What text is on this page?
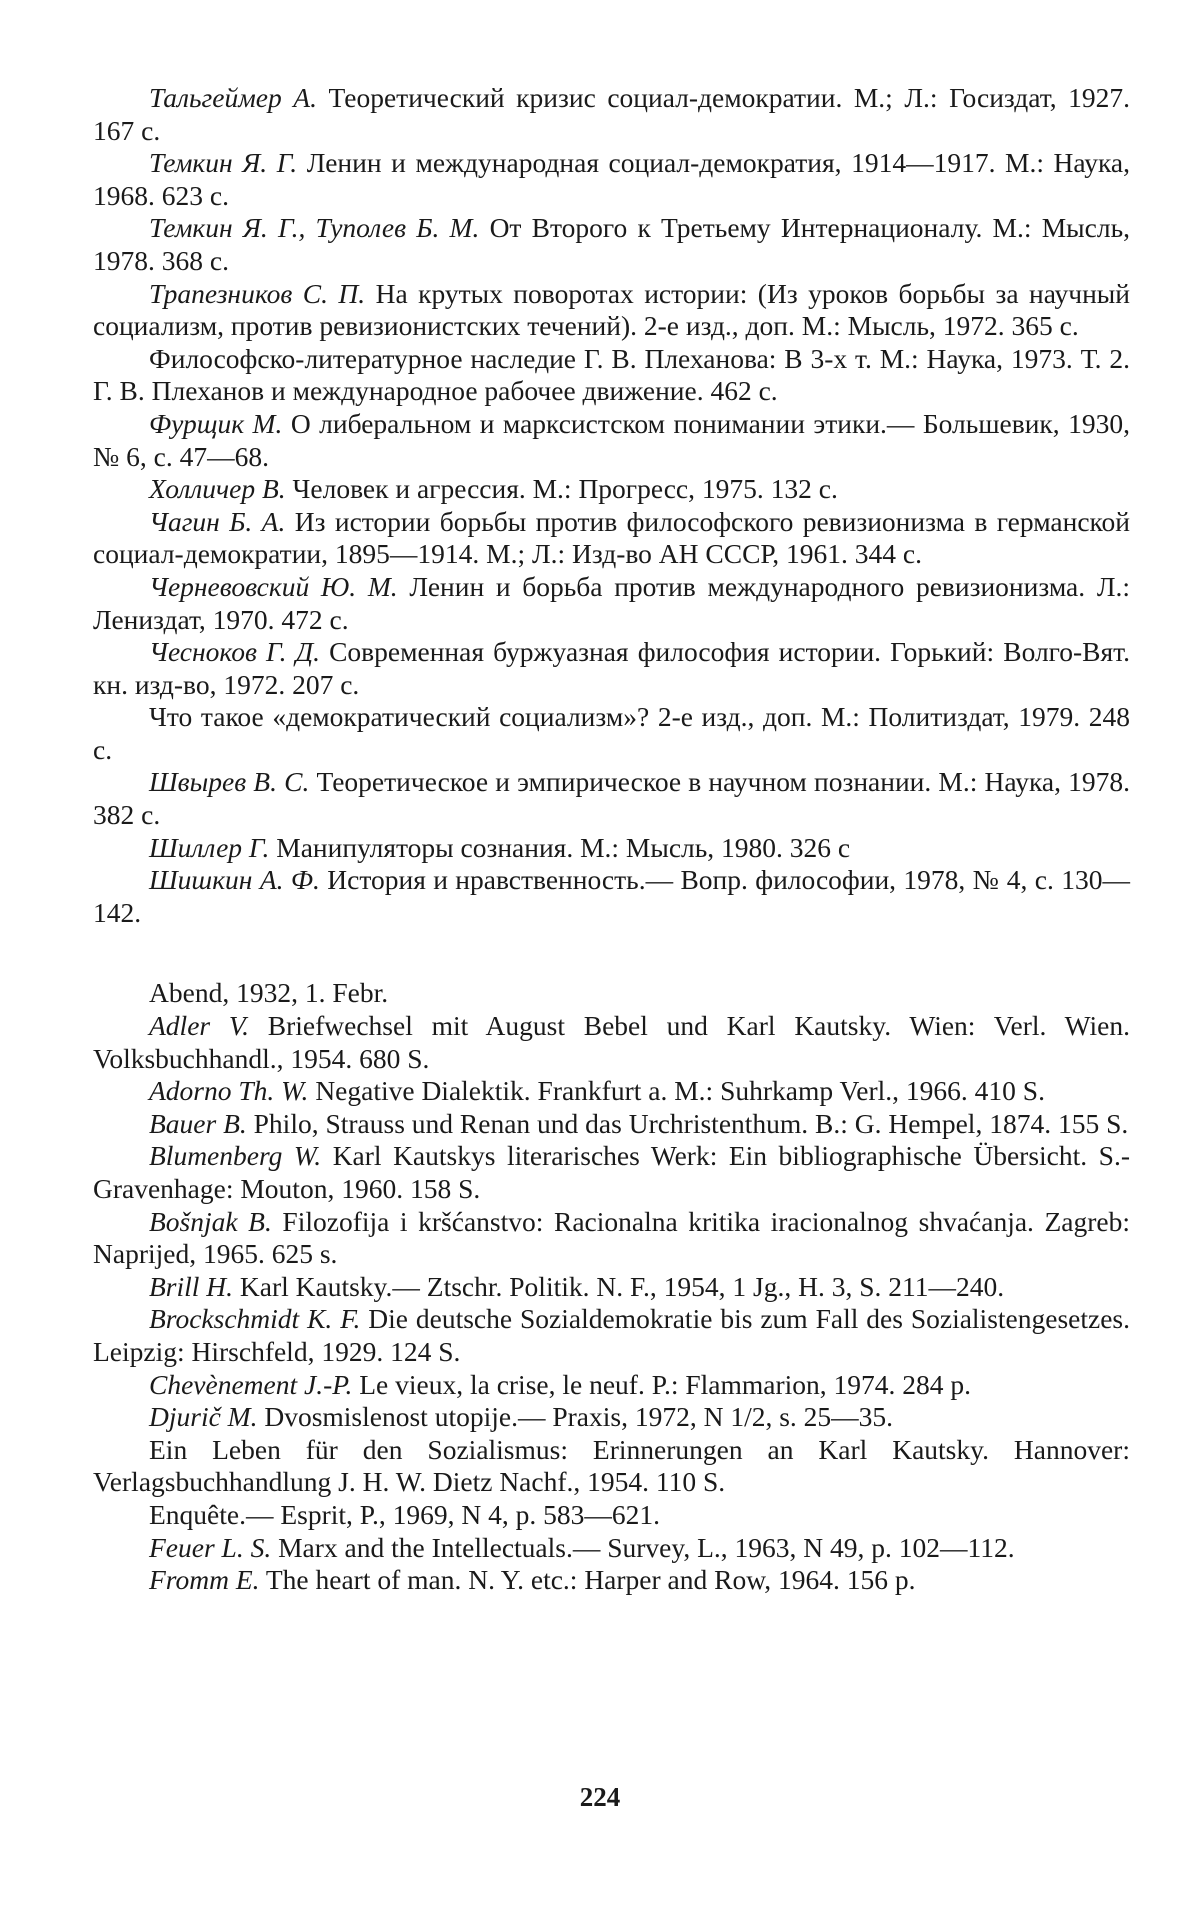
Тальгеймер А. Теоретический кризис социал-демократии. М.; Л.: Госиздат, 1927. 167 с.

Темкин Я. Г. Ленин и международная социал-демократия, 1914—1917. М.: Наука, 1968. 623 с.

Темкин Я. Г., Туполев Б. М. От Второго к Третьему Интернационалу. М.: Мысль, 1978. 368 с.

Трапезников С. П. На крутых поворотах истории: (Из уроков борьбы за научный социализм, против ревизионистских течений). 2-е изд., доп. М.: Мысль, 1972. 365 с.

Философско-литературное наследие Г. В. Плеханова: В 3-х т. М.: Наука, 1973. Т. 2. Г. В. Плеханов и международное рабочее движение. 462 с.

Фурщик М. О либеральном и марксистском понимании этики.— Большевик, 1930, № 6, с. 47—68.

Холличер В. Человек и агрессия. М.: Прогресс, 1975. 132 с.

Чагин Б. А. Из истории борьбы против философского ревизионизма в германской социал-демократии, 1895—1914. М.; Л.: Изд-во АН СССР, 1961. 344 с.

Черневовский Ю. М. Ленин и борьба против международного ревизионизма. Л.: Лениздат, 1970. 472 с.

Чесноков Г. Д. Современная буржуазная философия истории. Горький: Волго-Вят. кн. изд-во, 1972. 207 с.

Что такое «демократический социализм»? 2-е изд., доп. М.: Политиздат, 1979. 248 с.

Швырев В. С. Теоретическое и эмпирическое в научном познании. М.: Наука, 1978. 382 с.

Шиллер Г. Манипуляторы сознания. М.: Мысль, 1980. 326 с

Шишкин А. Ф. История и нравственность.— Вопр. философии, 1978, № 4, с. 130—142.

Abend, 1932, 1. Febr.

Adler V. Briefwechsel mit August Bebel und Karl Kautsky. Wien: Verl. Wien. Volksbuchhandl., 1954. 680 S.

Adorno Th. W. Negative Dialektik. Frankfurt a. M.: Suhrkamp Verl., 1966. 410 S.

Bauer B. Philo, Strauss und Renan und das Urchristenthum. B.: G. Hempel, 1874. 155 S.

Blumenberg W. Karl Kautskys literarisches Werk: Ein bibliographische Übersicht. S.-Gravenhage: Mouton, 1960. 158 S.

Bošnjak B. Filozofija i kršćanstvo: Racionalna kritika iracionalnog shvaćanja. Zagreb: Naprijed, 1965. 625 s.

Brill H. Karl Kautsky.— Ztschr. Politik. N. F., 1954, 1 Jg., H. 3, S. 211—240.

Brockschmidt K. F. Die deutsche Sozialdemokratie bis zum Fall des Sozialistengesetzes. Leipzig: Hirschfeld, 1929. 124 S.

Chevènement J.-P. Le vieux, la crise, le neuf. P.: Flammarion, 1974. 284 p.

Djurič M. Dvosmislenost utopije.— Praxis, 1972, N 1/2, s. 25—35.

Ein Leben für den Sozialismus: Erinnerungen an Karl Kautsky. Hannover: Verlagsbuchhandlung J. H. W. Dietz Nachf., 1954. 110 S.

Enquête.— Esprit, P., 1969, N 4, p. 583—621.

Feuer L. S. Marx and the Intellectuals.— Survey, L., 1963, N 49, p. 102—112.

Fromm E. The heart of man. N. Y. etc.: Harper and Row, 1964. 156 p.

224
